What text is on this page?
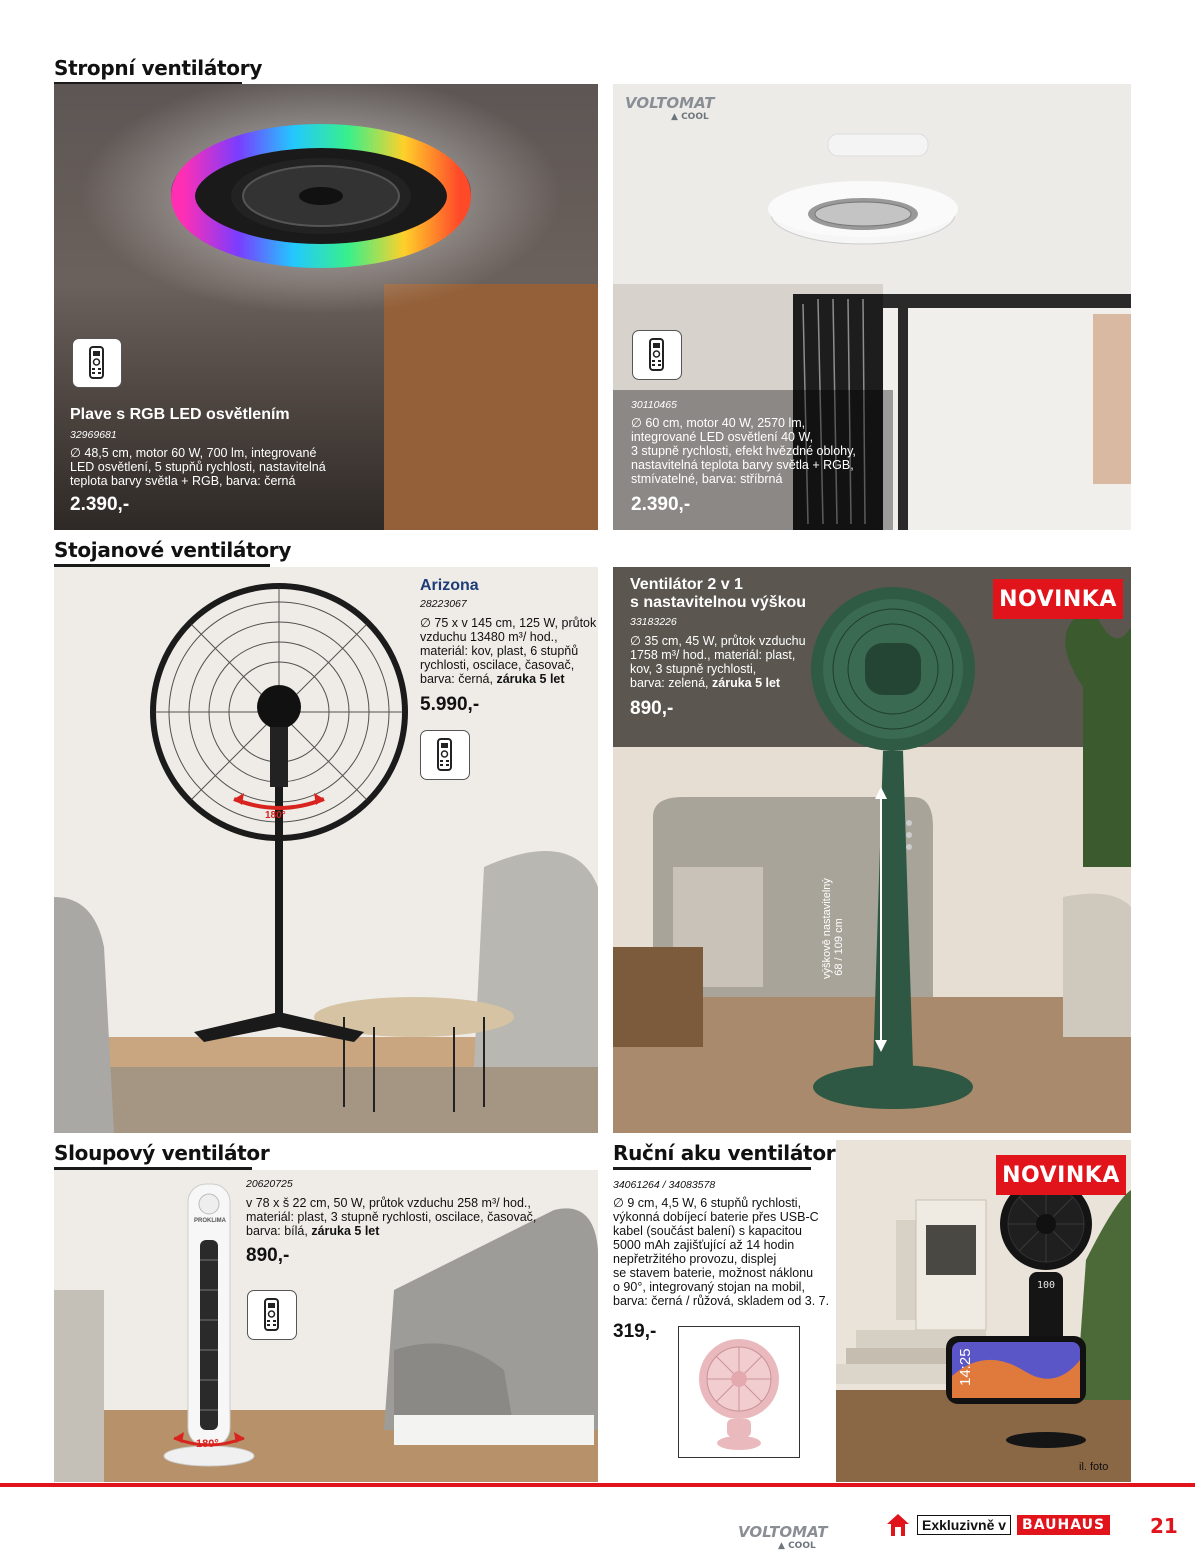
Stropní ventilátory
Stojanové ventilátory
Sloupový ventilátor	Ruční aku ventilátor
Plave s RGB LED osvětlením
32969681
∅ 48,5 cm, motor 60 W, 700 lm, integrované
LED osvětlení, 5 stupňů rychlosti, nastavitelná
teplota barvy světla + RGB, barva: černá
2.390,-
VOLTOMAT
▲ COOL
30110465
∅ 60 cm, motor 40 W, 2570 lm,
integrované LED osvětlení 40 W,
3 stupně rychlosti, efekt hvězdné oblohy,
nastavitelná teplota barvy světla + RGB,
stmívatelné, barva: stříbrná
2.390,-
180°
Arizona
28223067
∅ 75 x v 145 cm, 125 W, průtok
vzduchu 13480 m³/ hod.,
materiál: kov, plast, 6 stupňů
rychlosti, oscilace, časovač,
barva: černá, záruka 5 let
5.990,-
výškově nastavitelný 68 / 109 cm
NOVINKA
Ventilátor 2 v 1
s nastavitelnou výškou
33183226
∅ 35 cm, 45 W, průtok vzduchu
1758 m³/ hod., materiál: plast,
kov, 3 stupně rychlosti,
barva: zelená, záruka 5 let
890,-
PROKLIMA
180°
20620725
v 78 x š 22 cm, 50 W, průtok vzduchu 258 m³/ hod.,
materiál: plast, 3 stupně rychlosti, oscilace, časovač,
barva: bílá, záruka 5 let
890,-
34061264 / 34083578
∅ 9 cm, 4,5 W, 6 stupňů rychlosti,
výkonná dobíjecí baterie přes USB-C
kabel (součást balení) s kapacitou
5000 mAh zajišťující až 14 hodin
nepřetržitého provozu, displej
se stavem baterie, možnost náklonu
o 90°, integrovaný stojan na mobil,
barva: černá / růžová, skladem od 3. 7.
319,-
100
14:25
NOVINKA
il. foto
VOLTOMAT
▲ COOL
Exkluzivně v	BAUHAUS 21
